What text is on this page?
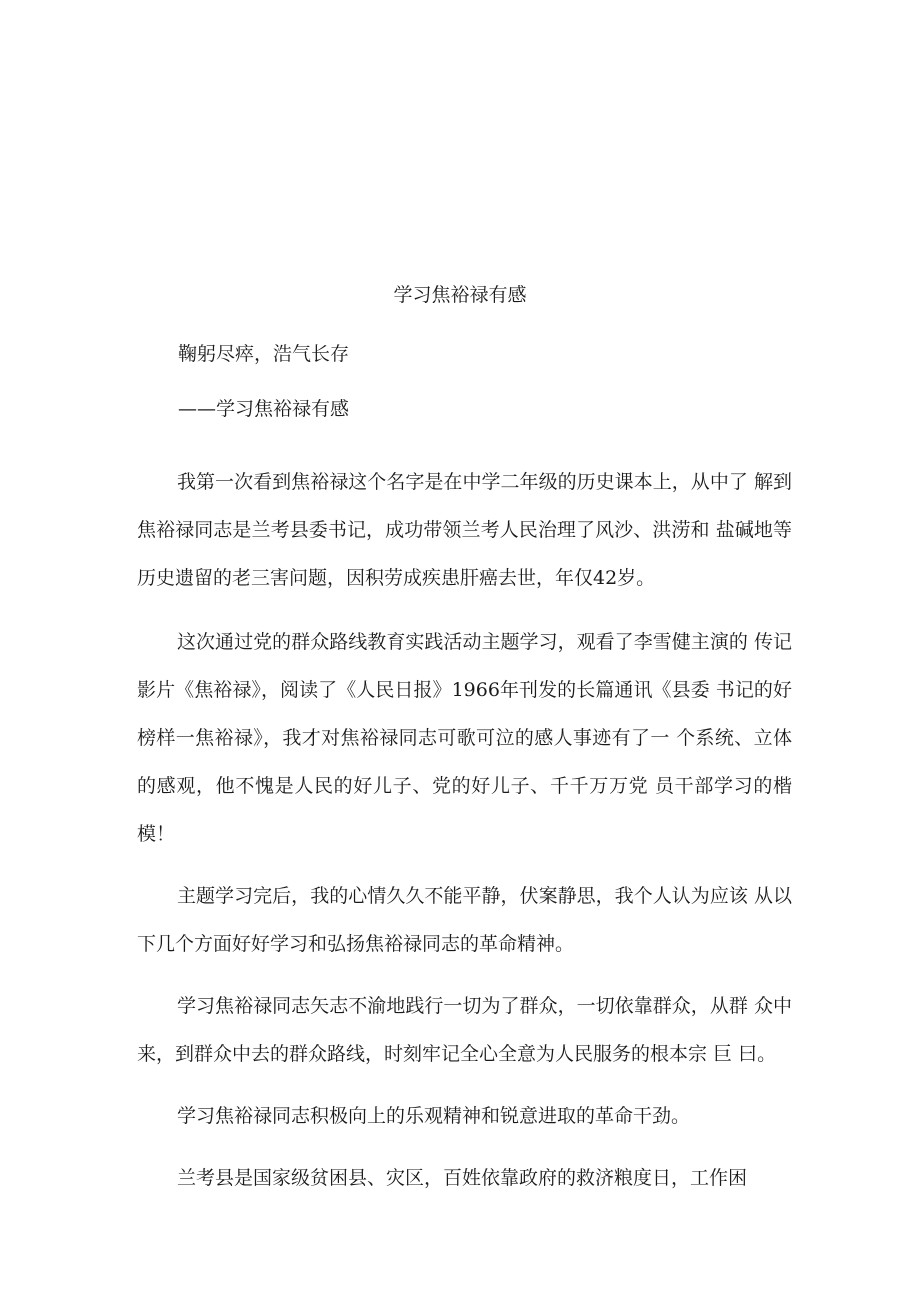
学习焦裕禄有感
鞠躬尽瘁，浩气长存
——学习焦裕禄有感

我第一次看到焦裕禄这个名字是在中学二年级的历史课本上，从中了 解到焦裕禄同志是兰考县委书记，成功带领兰考人民治理了风沙、洪涝和 盐碱地等历史遗留的老三害问题，因积劳成疾患肝癌去世，年仅42岁。

这次通过党的群众路线教育实践活动主题学习，观看了李雪健主演的 传记影片《焦裕禄》，阅读了《人民日报》1966年刊发的长篇通讯《县委 书记的好榜样一焦裕禄》，我才对焦裕禄同志可歌可泣的感人事迹有了一 个系统、立体的感观，他不愧是人民的好儿子、党的好儿子、千千万万党 员干部学习的楷模！

主题学习完后，我的心情久久不能平静，伏案静思，我个人认为应该 从以下几个方面好好学习和弘扬焦裕禄同志的革命精神。

学习焦裕禄同志矢志不渝地践行一切为了群众，一切依靠群众，从群 众中来，到群众中去的群众路线，时刻牢记全心全意为人民服务的根本宗 巨 曰。

学习焦裕禄同志积极向上的乐观精神和锐意进取的革命干劲。

兰考县是国家级贫困县、灾区，百姓依靠政府的救济粮度日，工作困
